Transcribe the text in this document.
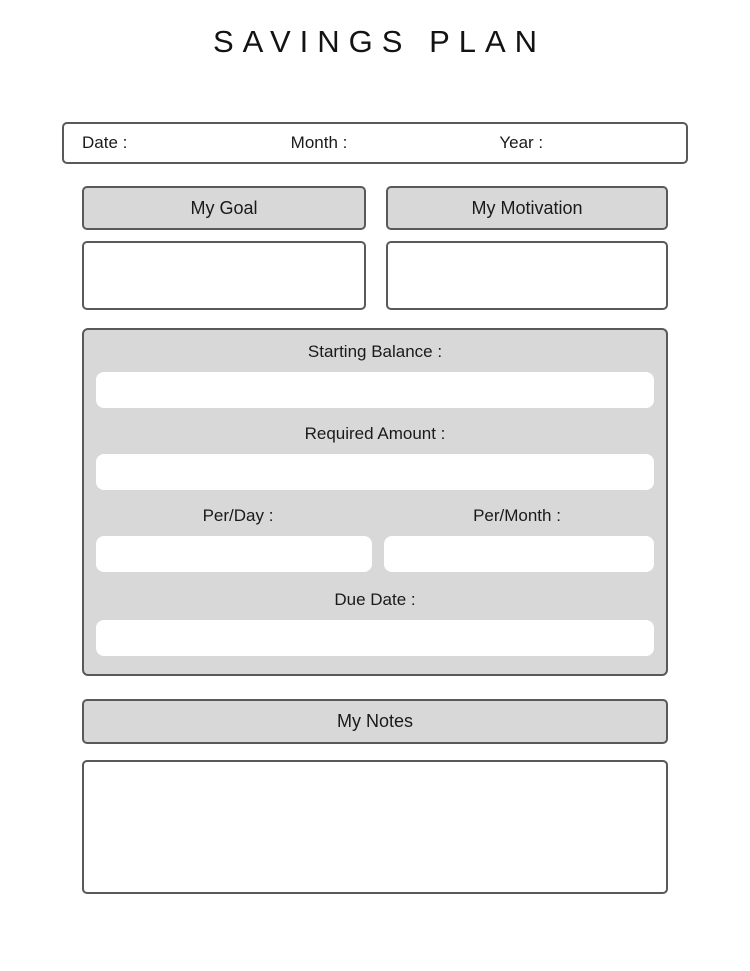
SAVINGS PLAN
Date :	Month :	Year :
My Goal	My Motivation
Starting Balance :
Required Amount :
Per/Day :	Per/Month :
Due Date :
My Notes
